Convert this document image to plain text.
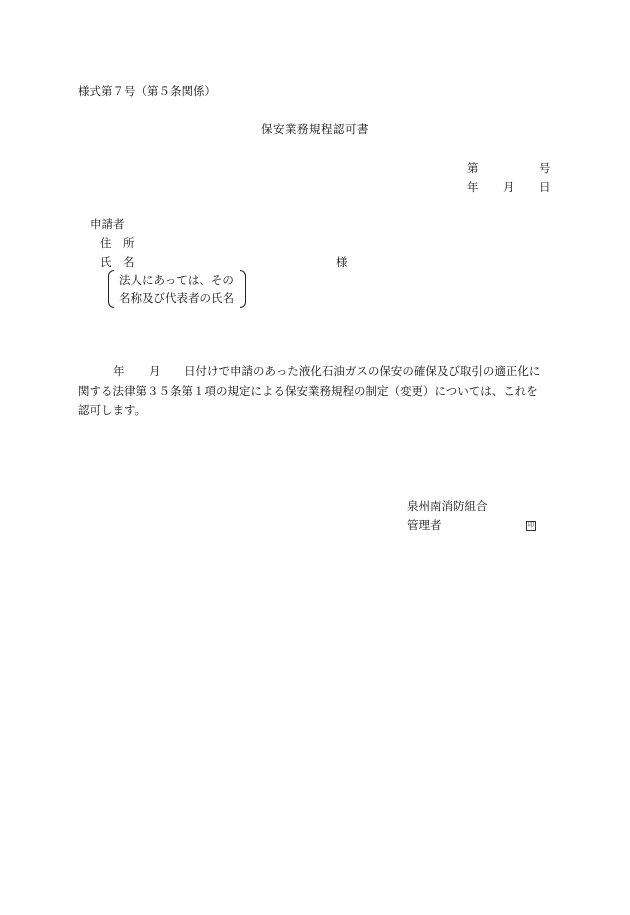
様式第７号（第５条関係）
保安業務規程認可書
第	号
年 月 日
申請者
住　所
氏　名	様
法人にあっては、その
名称及び代表者の氏名
年 月 日付けで申請のあった液化石油ガスの保安の確保及び取引の適正化に
関する法律第３５条第１項の規定による保安業務規程の制定（変更）については、これを
認可します。
泉州南消防組合
管理者	印
